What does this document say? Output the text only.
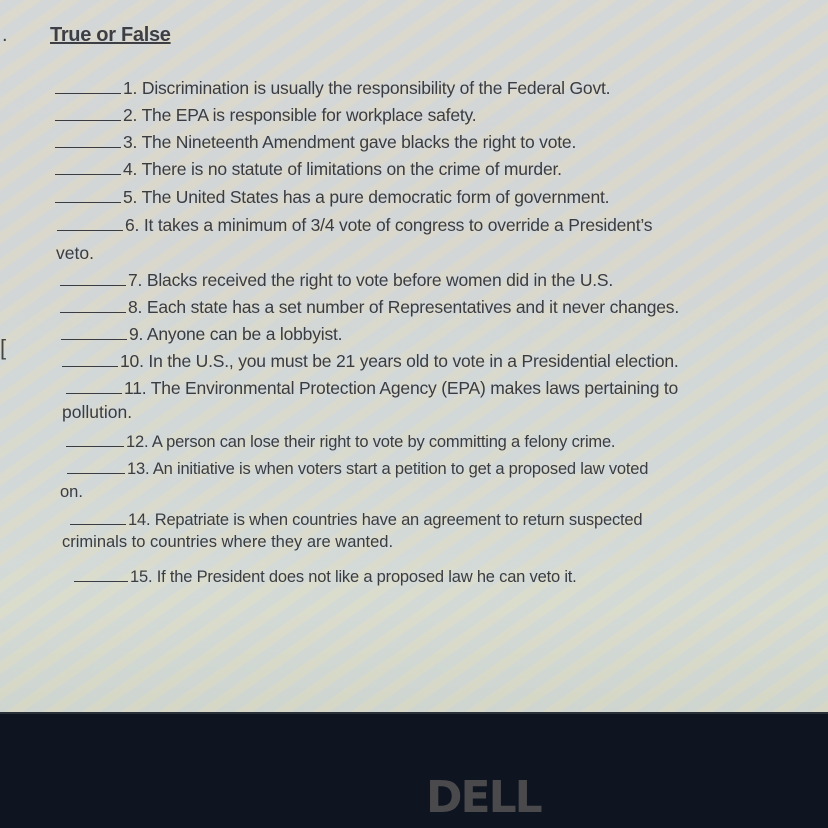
.
[
True or False
1. Discrimination is usually the responsibility of the Federal Govt.
2. The EPA is responsible for workplace safety.
3. The Nineteenth Amendment gave blacks the right to vote.
4. There is no statute of limitations on the crime of murder.
5. The United States has a pure democratic form of government.
6. It takes a minimum of 3/4 vote of congress to override a President’s
veto.
7. Blacks received the right to vote before women did in the U.S.
8. Each state has a set number of Representatives and it never changes.
9. Anyone can be a lobbyist.
10. In the U.S., you must be 21 years old to vote in a Presidential election.
11. The Environmental Protection Agency (EPA) makes laws pertaining to
pollution.
12. A person can lose their right to vote by committing a felony crime.
13. An initiative is when voters start a petition to get a proposed law voted
on.
14. Repatriate is when countries have an agreement to return suspected
criminals to countries where they are wanted.
15. If the President does not like a proposed law he can veto it.
DELL
